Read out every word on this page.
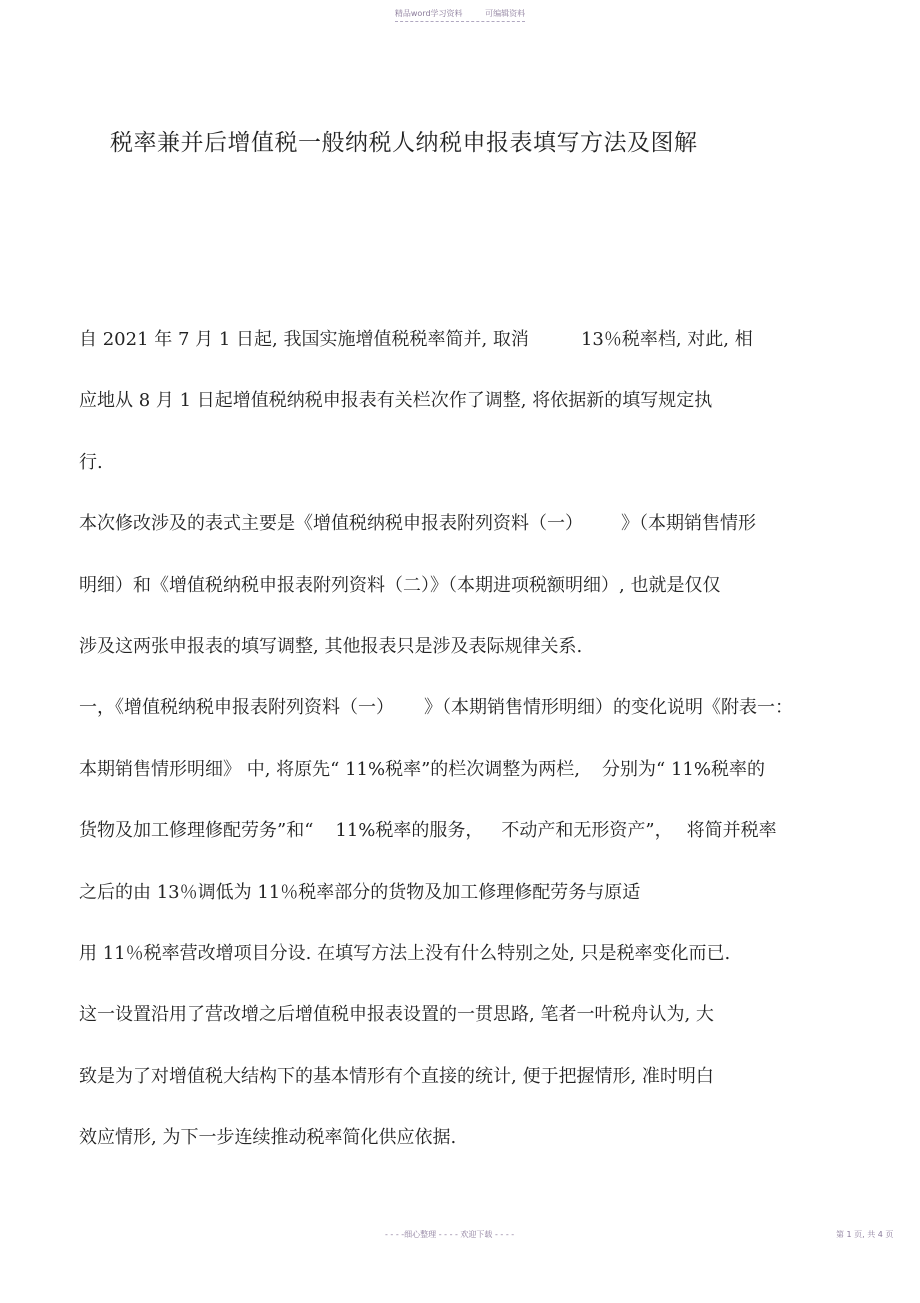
精品word学习资料	可编辑资料
税率兼并后增值税一般纳税人纳税申报表填写方法及图解
自 2021 年 7 月 1 日起, 我国实施增值税税率简并, 取消	13％税率档, 对此, 相
应地从 8 月 1 日起增值税纳税申报表有关栏次作了调整, 将依据新的填写规定执
行.
本次修改涉及的表式主要是《增值税纳税申报表附列资料（一） 》（本期销售情形
明细）和《增值税纳税申报表附列资料（二）》（本期进项税额明细）, 也就是仅仅
涉及这两张申报表的填写调整, 其他报表只是涉及表际规律关系.
一，《增值税纳税申报表附列资料（一） 》（本期销售情形明细）的变化说明《附表一：
本期销售情形明细》 中, 将原先“ 11%税率”的栏次调整为两栏, 分别为“ 11%税率的
货物及加工修理修配劳务”和“ 11%税率的服务， 不动产和无形资产”， 将简并税率
之后的由 13％调低为 11％税率部分的货物及加工修理修配劳务与原适
用 11％税率营改增项目分设. 在填写方法上没有什么特别之处, 只是税率变化而已.
这一设置沿用了营改增之后增值税申报表设置的一贯思路, 笔者一叶税舟认为, 大
致是为了对增值税大结构下的基本情形有个直接的统计, 便于把握情形, 准时明白
效应情形, 为下一步连续推动税率简化供应依据.
- - - -细心整理 - - - - 欢迎下载 - - - -	第 1 页, 共 4 页
